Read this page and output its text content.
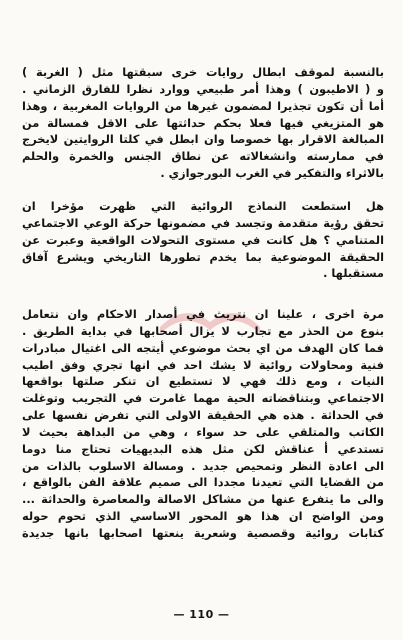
بالنسبة لموقف ابطال روايات خرى سبقتها مثل ( الغربة )
و ( الاطيبون ) وهذا أمر طبيعي ووارد نظرا للفارق الزماني .
أما أن تكون تجذيرا لمضمون غيرها من الروايات المغربية ، وهذا
هو المتزيغي فيها فعلا بحكم حداثتها على الاقل فمسالة من
المبالغة الاقرار بها خصوصا وان ابطل في كلتا الروايتين لايخرج
في ممارسته وانشغالاته عن نطاق الجنس والخمرة والحلم
بالاثراء والتفكير في الغرب البورجوازي .
هل استطعت النماذج الروائية التي ظهرت مؤخرا ان
تحقق رؤية متقدمة وتجسد في مضمونها حركة الوعي الاجتماعي
المتنامي ؟ هل كانت في مستوى التحولات الواقعية وعبرت عن
الحقيقة الموضوعية بما يخدم تطورها التاريخي ويشرع آفاق
مستقبلها .
مرة اخرى ، علينا ان نتريث في أصدار الاحكام وان نتعامل
بنوع من الحذر مع تجارب لا يزال أصحابها في بداية الطريق .
فما كان الهدف من اي بحث موضوعي أيتجه الى اغتيال مبادرات
فنية ومحاولات روائية لا يشك احد في انها تجري وفق اطيب
النيات ، ومع ذلك فهي لا تستطيع ان تنكر صلتها بواقعها
الاجتماعي وبتناقضاته الحية مهما غامرت في التجريب وتوغلت
في الحداثة . هذه هي الحقيقة الاولى التي تفرض نفسها على
الكاتب والمتلقي على حد سواء ، وهي من البداهة بحيث لا
تستدعي أ عناقش لكن مثل هذه البديهيات تحتاج منا دوما
الى اعادة النظر وتمحيص جديد . ومسالة الاسلوب بالذات من
من القضايا التي تعيدنا مجددا الى صميم علاقة الفن بالواقع ،
والى ما يتفرع عنها من مشاكل الاصالة والمعاصرة والحداثة ...
ومن الواضح ان هذا هو المحور الاساسي الذي تحوم حوله
كتابات روائية وقصصية وشعرية ينعتها اصحابها بانها جديدة
— 110 —
